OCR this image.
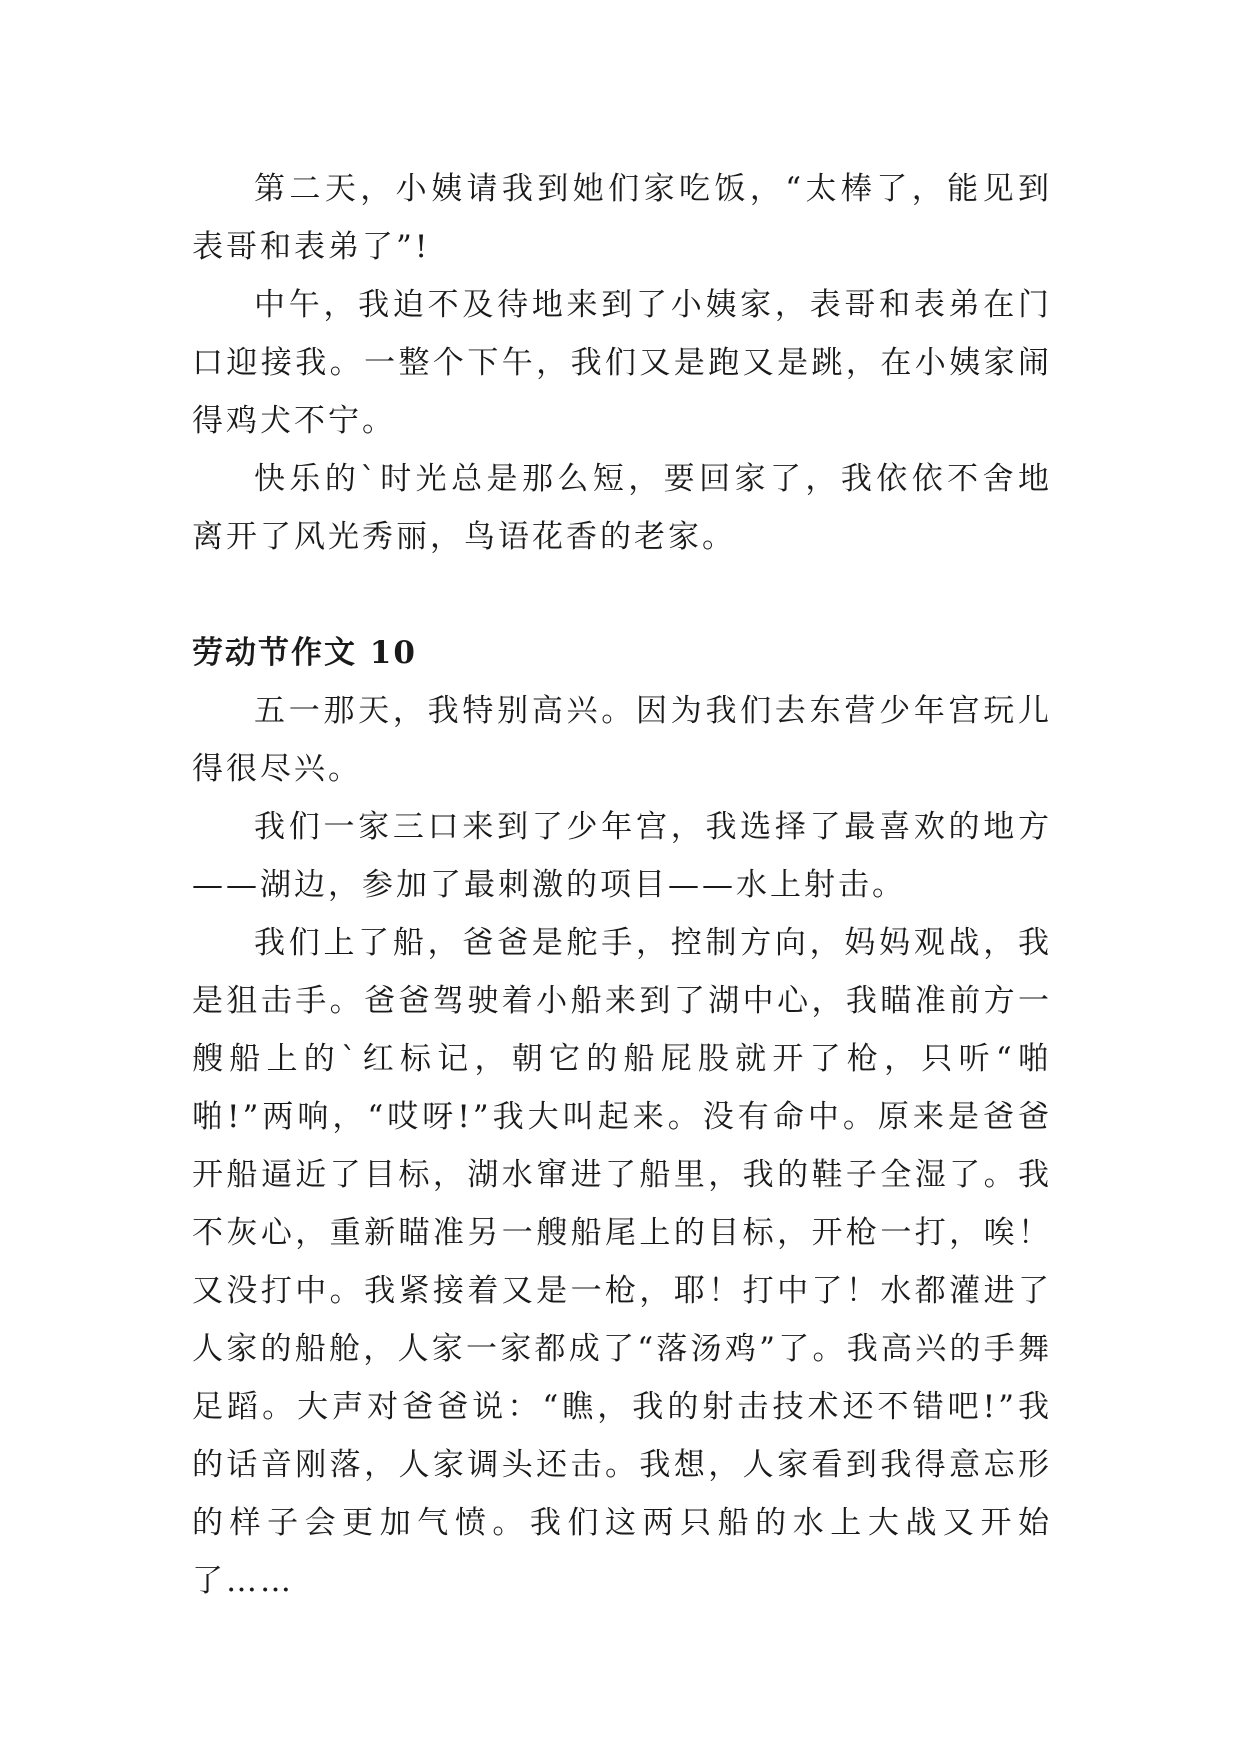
第二天，小姨请我到她们家吃饭，“太棒了，能见到表哥和表弟了”!

中午，我迫不及待地来到了小姨家，表哥和表弟在门口迎接我。一整个下午，我们又是跑又是跳，在小姨家闹得鸡犬不宁。

快乐的`时光总是那么短，要回家了，我依依不舍地离开了风光秀丽，鸟语花香的老家。

劳动节作文 10

五一那天，我特别高兴。因为我们去东营少年宫玩儿得很尽兴。

我们一家三口来到了少年宫，我选择了最喜欢的地方——湖边，参加了最刺激的项目——水上射击。

我们上了船，爸爸是舵手，控制方向，妈妈观战，我是狙击手。爸爸驾驶着小船来到了湖中心，我瞄准前方一艘船上的`红标记，朝它的船屁股就开了枪，只听“啪啪!”两响，“哎呀!”我大叫起来。没有命中。原来是爸爸开船逼近了目标，湖水窜进了船里，我的鞋子全湿了。我不灰心，重新瞄准另一艘船尾上的目标，开枪一打，唉！又没打中。我紧接着又是一枪，耶！打中了！水都灌进了人家的船舱，人家一家都成了“落汤鸡”了。我高兴的手舞足蹈。大声对爸爸说：“瞧，我的射击技术还不错吧!”我的话音刚落，人家调头还击。我想，人家看到我得意忘形的样子会更加气愤。我们这两只船的水上大战又开始了……
